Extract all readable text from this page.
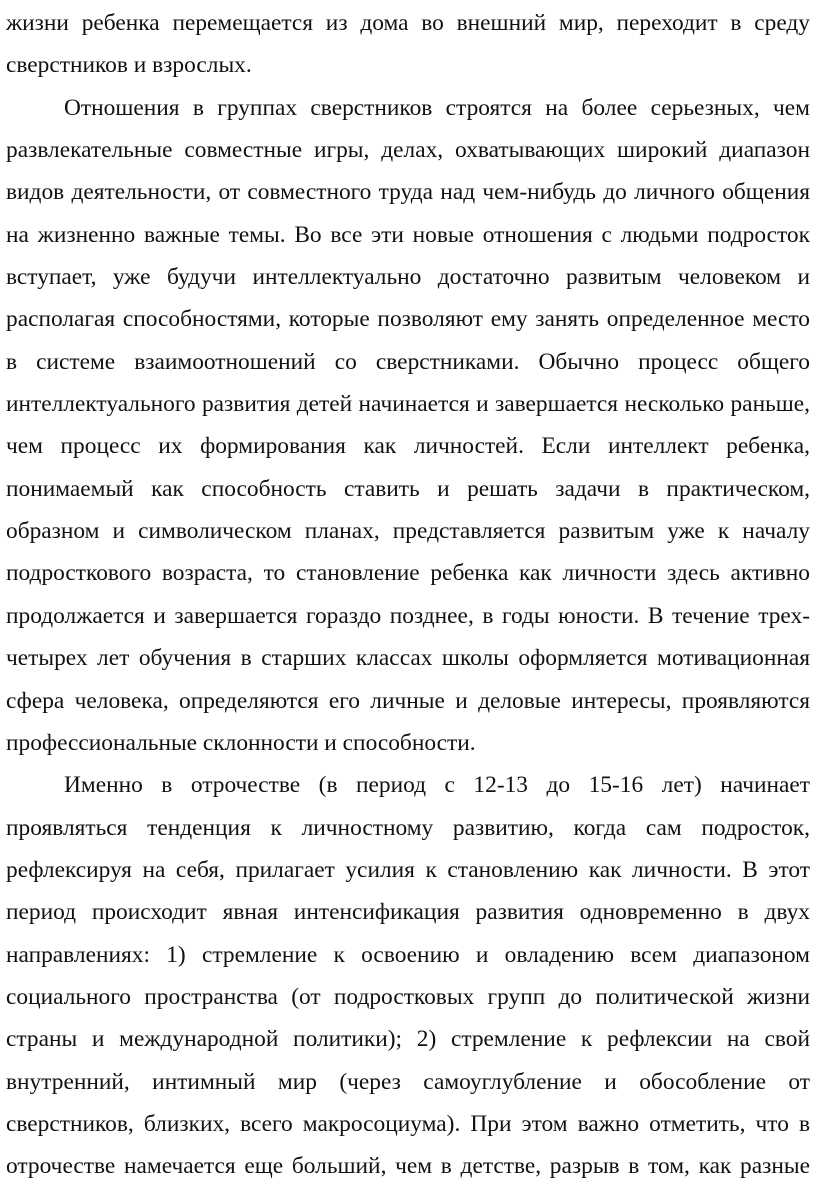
жизни ребенка перемещается из дома во внешний мир, переходит в среду сверстников и взрослых.

Отношения в группах сверстников строятся на более серьезных, чем развлекательные совместные игры, делах, охватывающих широкий диапазон видов деятельности, от совместного труда над чем-нибудь до личного общения на жизненно важные темы. Во все эти новые отношения с людьми подросток вступает, уже будучи интеллектуально достаточно развитым человеком и располагая способностями, которые позволяют ему занять определенное место в системе взаимоотношений со сверстниками. Обычно процесс общего интеллектуального развития детей начинается и завершается несколько раньше, чем процесс их формирования как личностей. Если интеллект ребенка, понимаемый как способность ставить и решать задачи в практическом, образном и символическом планах, представляется развитым уже к началу подросткового возраста, то становление ребенка как личности здесь активно продолжается и завершается гораздо позднее, в годы юности. В течение трех-четырех лет обучения в старших классах школы оформляется мотивационная сфера человека, определяются его личные и деловые интересы, проявляются профессиональные склонности и способности.

Именно в отрочестве (в период с 12-13 до 15-16 лет) начинает проявляться тенденция к личностному развитию, когда сам подросток, рефлексируя на себя, прилагает усилия к становлению как личности. В этот период происходит явная интенсификация развития одновременно в двух направлениях: 1) стремление к освоению и овладению всем диапазоном социального пространства (от подростковых групп до политической жизни страны и международной политики); 2) стремление к рефлексии на свой внутренний, интимный мир (через самоуглубление и обособление от сверстников, близких, всего макросоциума). При этом важно отметить, что в отрочестве намечается еще больший, чем в детстве, разрыв в том, как разные
